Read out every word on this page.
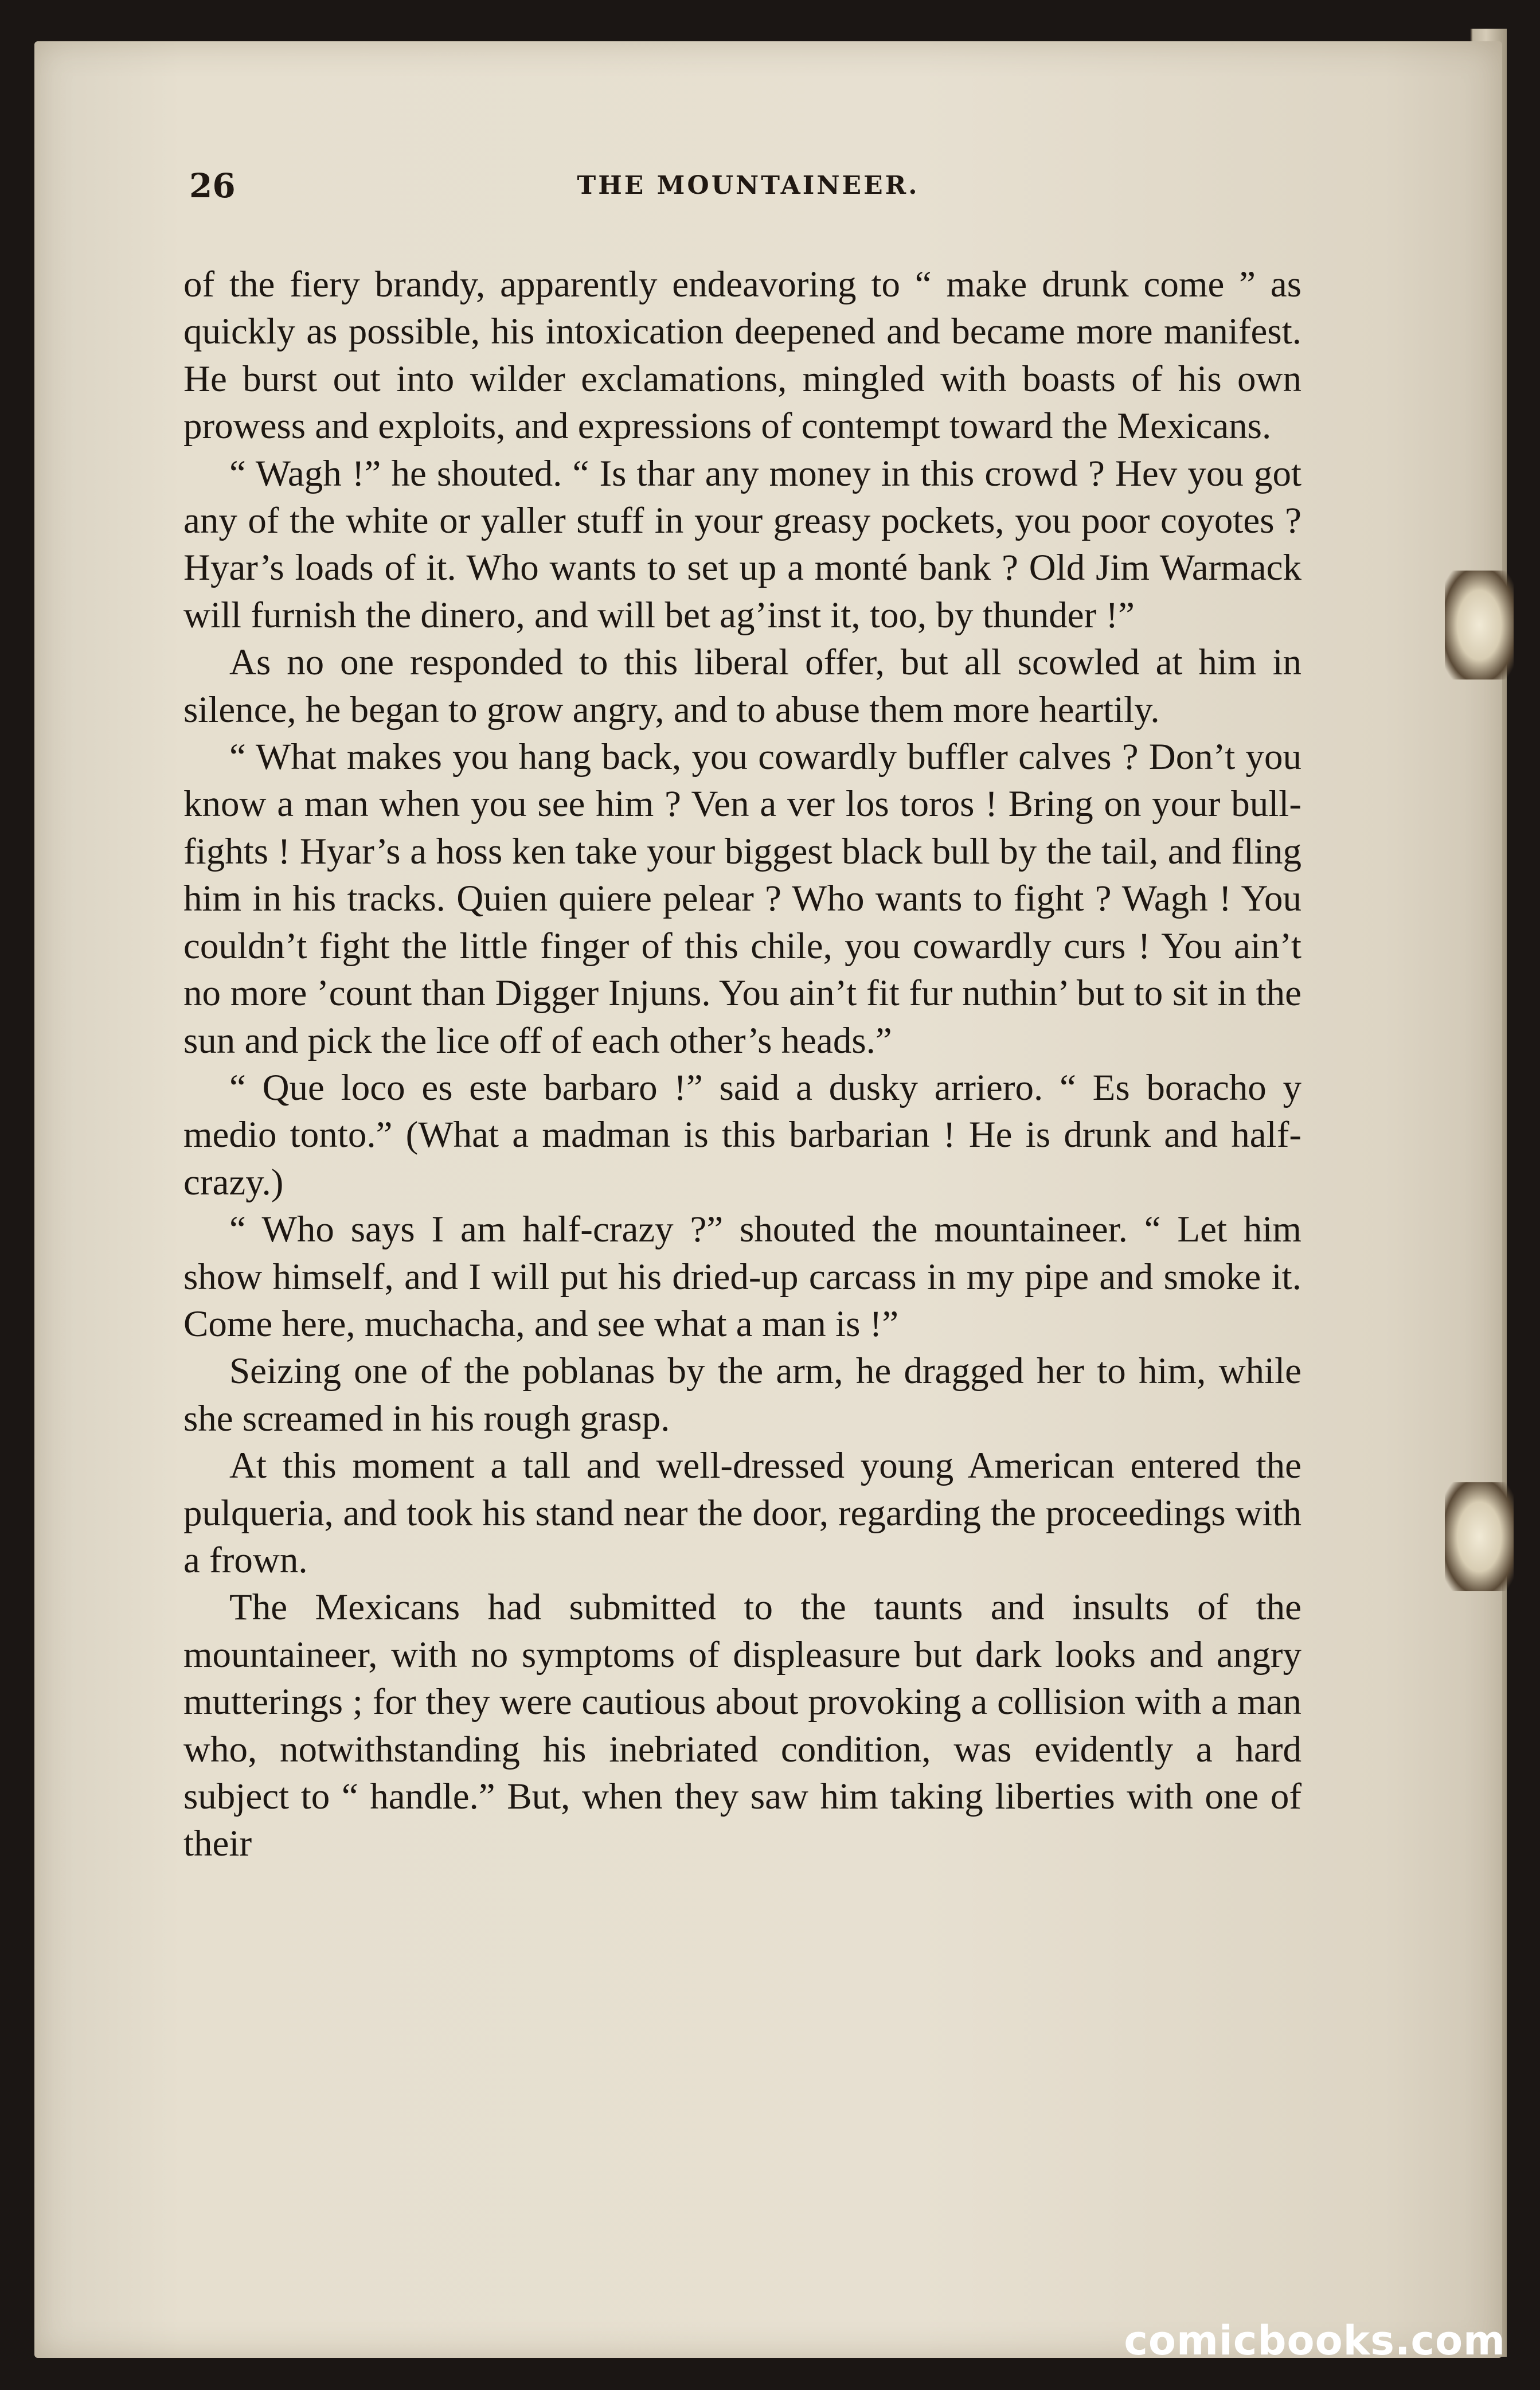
26	THE MOUNTAINEER.

of the fiery brandy, apparently endeavoring to “ make drunk come ” as quickly as possible, his intoxication deepened and became more manifest. He burst out into wilder exclamations, mingled with boasts of his own prowess and exploits, and expressions of contempt toward the Mexicans.

“ Wagh !” he shouted. “ Is thar any money in this crowd ? Hev you got any of the white or yaller stuff in your greasy pockets, you poor coyotes ? Hyar’s loads of it. Who wants to set up a monté bank ? Old Jim Warmack will furnish the dinero, and will bet ag’inst it, too, by thunder !”

As no one responded to this liberal offer, but all scowled at him in silence, he began to grow angry, and to abuse them more heartily.

“ What makes you hang back, you cowardly buffler calves ? Don’t you know a man when you see him ? Ven a ver los toros ! Bring on your bull-fights ! Hyar’s a hoss ken take your biggest black bull by the tail, and fling him in his tracks. Quien quiere pelear ? Who wants to fight ? Wagh ! You couldn’t fight the little finger of this chile, you cowardly curs ! You ain’t no more ’count than Digger Injuns. You ain’t fit fur nuthin’ but to sit in the sun and pick the lice off of each other’s heads.”

“ Que loco es este barbaro !” said a dusky arriero. “ Es boracho y medio tonto.” (What a madman is this barbarian ! He is drunk and half-crazy.)

“ Who says I am half-crazy ?” shouted the mountaineer. “ Let him show himself, and I will put his dried-up carcass in my pipe and smoke it. Come here, muchacha, and see what a man is !”

Seizing one of the poblanas by the arm, he dragged her to him, while she screamed in his rough grasp.

At this moment a tall and well-dressed young American entered the pulqueria, and took his stand near the door, regarding the proceedings with a frown.

The Mexicans had submitted to the taunts and insults of the mountaineer, with no symptoms of displeasure but dark looks and angry mutterings ; for they were cautious about provoking a collision with a man who, notwithstanding his inebriated condition, was evidently a hard subject to “ handle.” But, when they saw him taking liberties with one of their

comicbooks.com
